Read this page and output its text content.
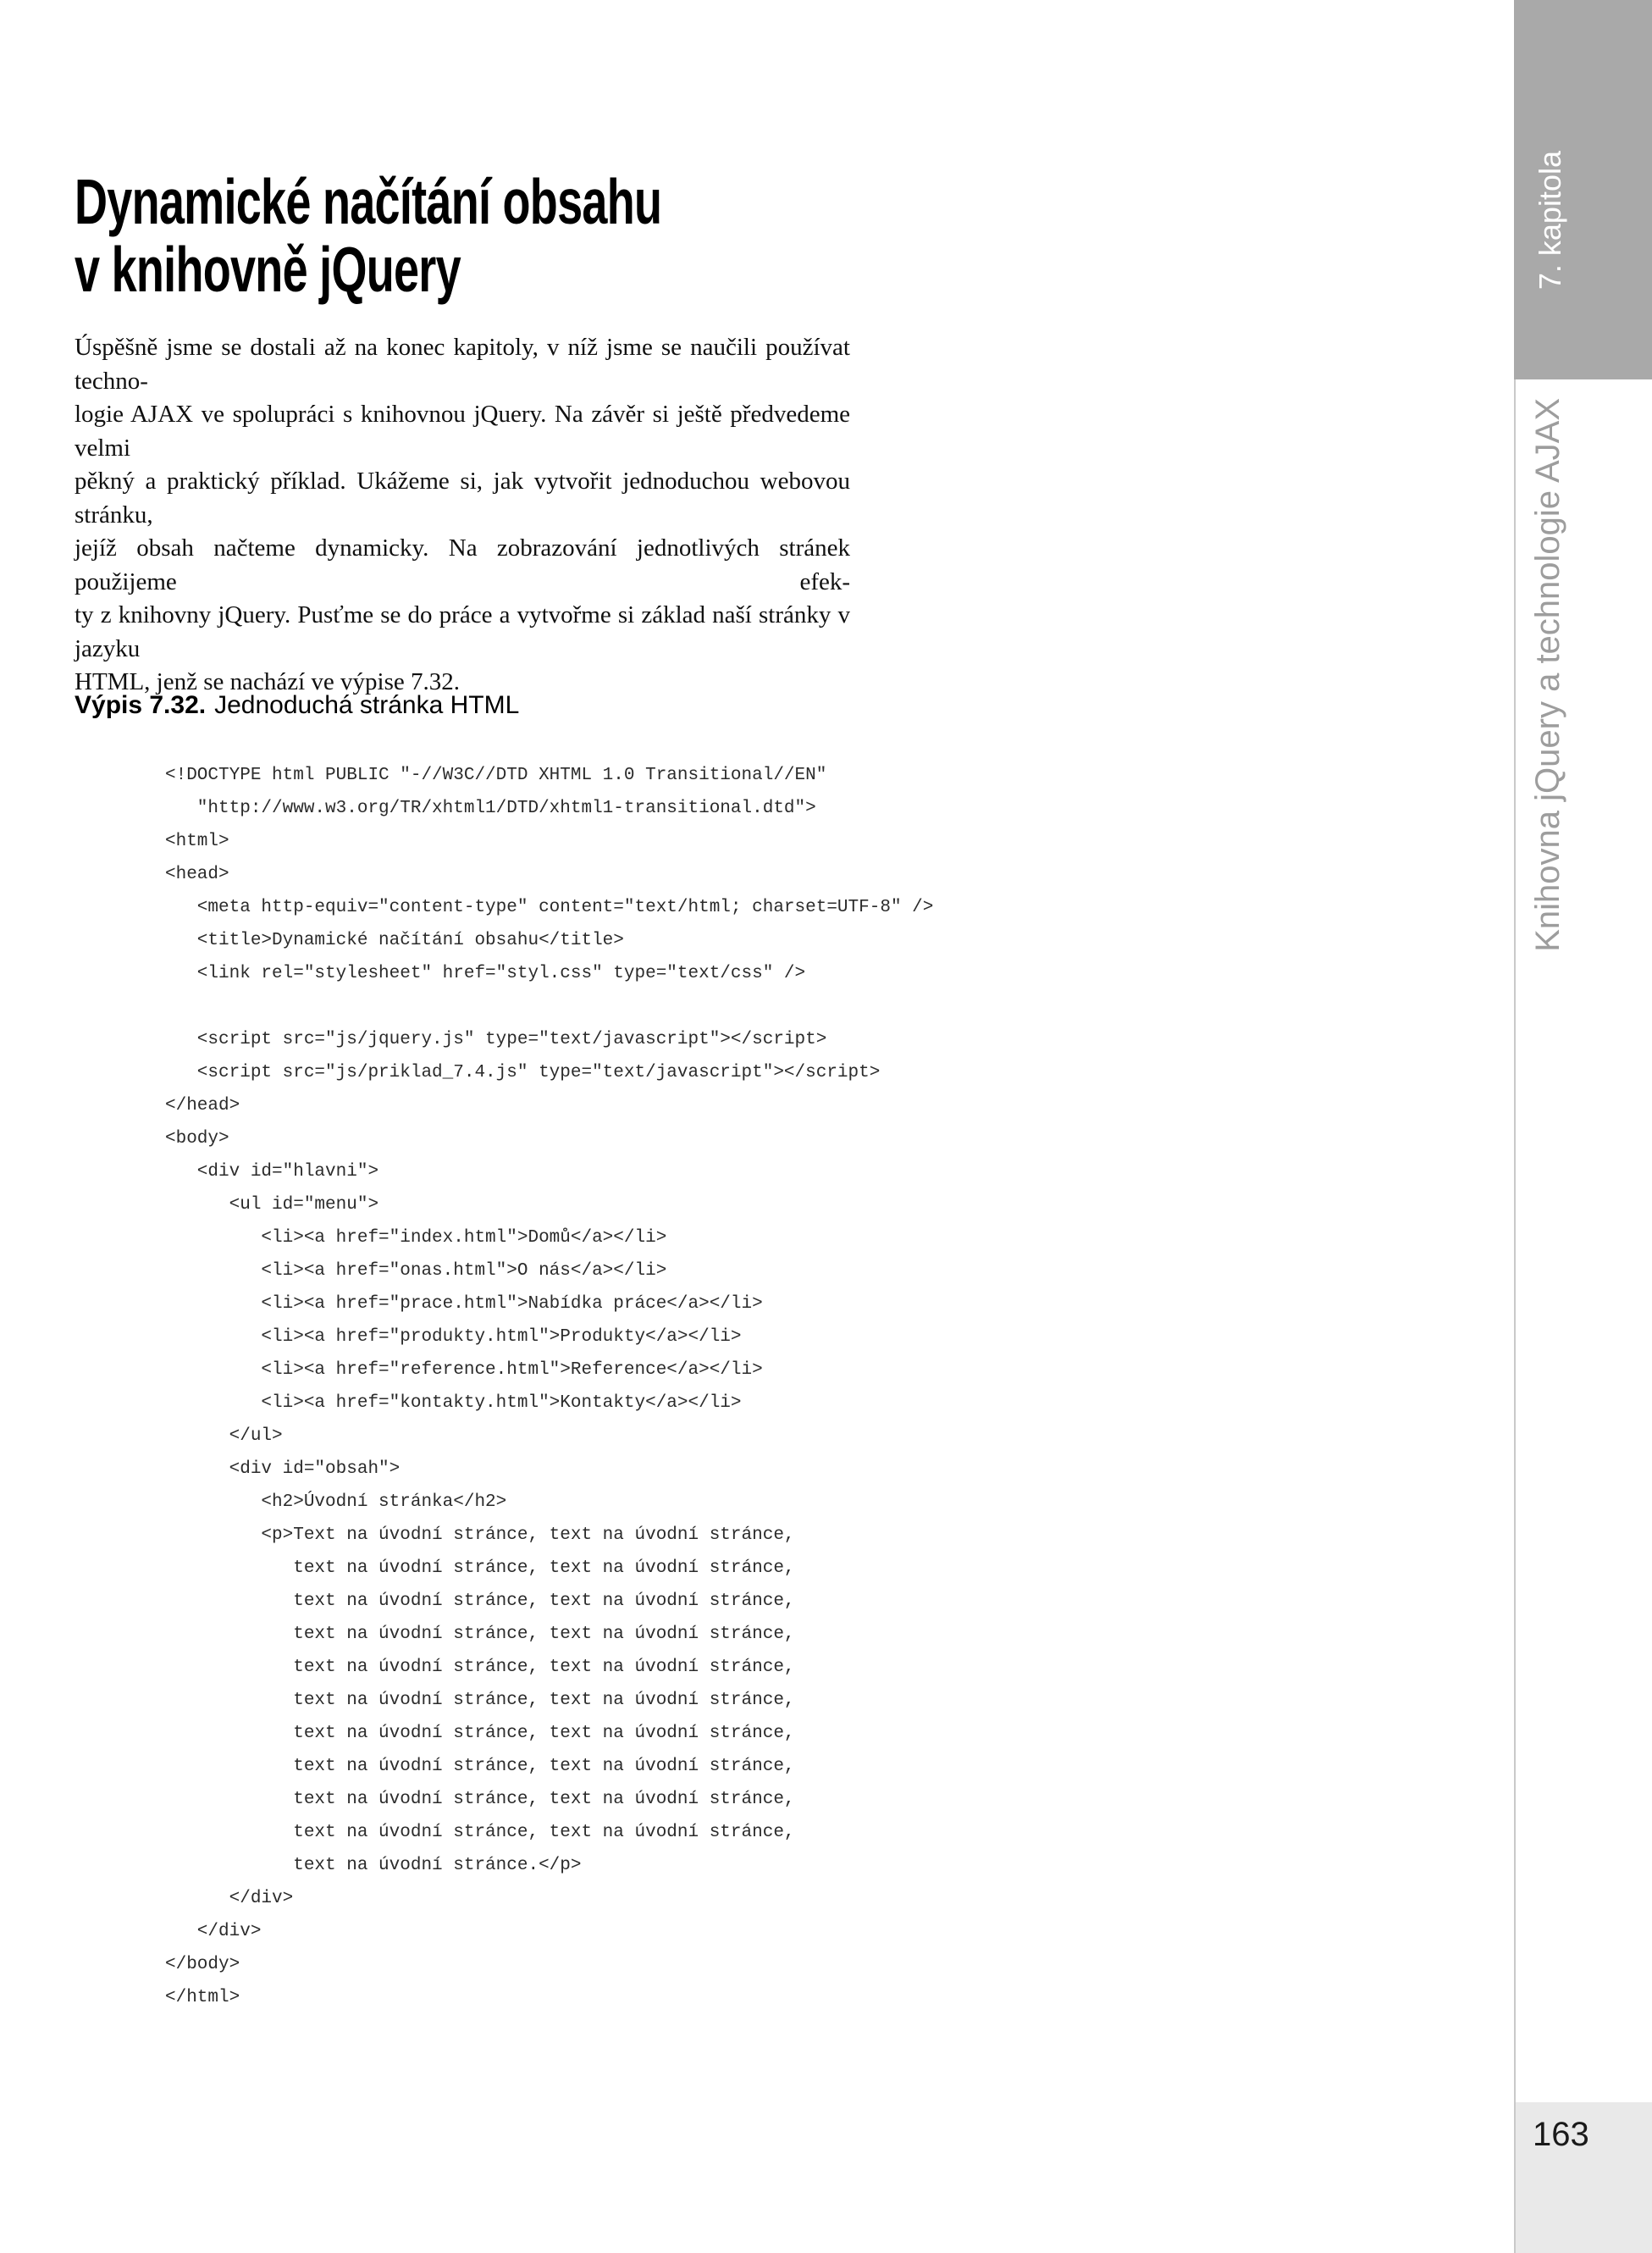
Dynamické načítání obsahu
v knihovně jQuery
Úspěšně jsme se dostali až na konec kapitoly, v níž jsme se naučili používat techno-
logie AJAX ve spolupráci s knihovnou jQuery. Na závěr si ještě předvedeme velmi
pěkný a praktický příklad. Ukážeme si, jak vytvořit jednoduchou webovou stránku,
jejíž obsah načteme dynamicky. Na zobrazování jednotlivých stránek použijeme efek-
ty z knihovny jQuery. Pusťme se do práce a vytvořme si základ naší stránky v jazyku
HTML, jenž se nachází ve výpise 7.32.
Výpis 7.32. Jednoduchá stránka HTML
<!DOCTYPE html PUBLIC "-//W3C//DTD XHTML 1.0 Transitional//EN"
"http://www.w3.org/TR/xhtml1/DTD/xhtml1-transitional.dtd">
<html>
<head>
<meta http-equiv="content-type" content="text/html; charset=UTF-8" />
<title>Dynamické načítání obsahu</title>
<link rel="stylesheet" href="styl.css" type="text/css" />

<script src="js/jquery.js" type="text/javascript"></script>
<script src="js/priklad_7.4.js" type="text/javascript"></script>
</head>
<body>
<div id="hlavni">
<ul id="menu">
<li><a href="index.html">Domů</a></li>
<li><a href="onas.html">O nás</a></li>
<li><a href="prace.html">Nabídka práce</a></li>
<li><a href="produkty.html">Produkty</a></li>
<li><a href="reference.html">Reference</a></li>
<li><a href="kontakty.html">Kontakty</a></li>
</ul>
<div id="obsah">
<h2>Úvodní stránka</h2>
<p>Text na úvodní stránce, text na úvodní stránce,
text na úvodní stránce, text na úvodní stránce,
text na úvodní stránce, text na úvodní stránce,
text na úvodní stránce, text na úvodní stránce,
text na úvodní stránce, text na úvodní stránce,
text na úvodní stránce, text na úvodní stránce,
text na úvodní stránce, text na úvodní stránce,
text na úvodní stránce, text na úvodní stránce,
text na úvodní stránce, text na úvodní stránce,
text na úvodní stránce, text na úvodní stránce,
text na úvodní stránce.</p>
</div>
</div>
</body>
</html>
7. kapitola
Knihovna jQuery a technologie AJAX
163
